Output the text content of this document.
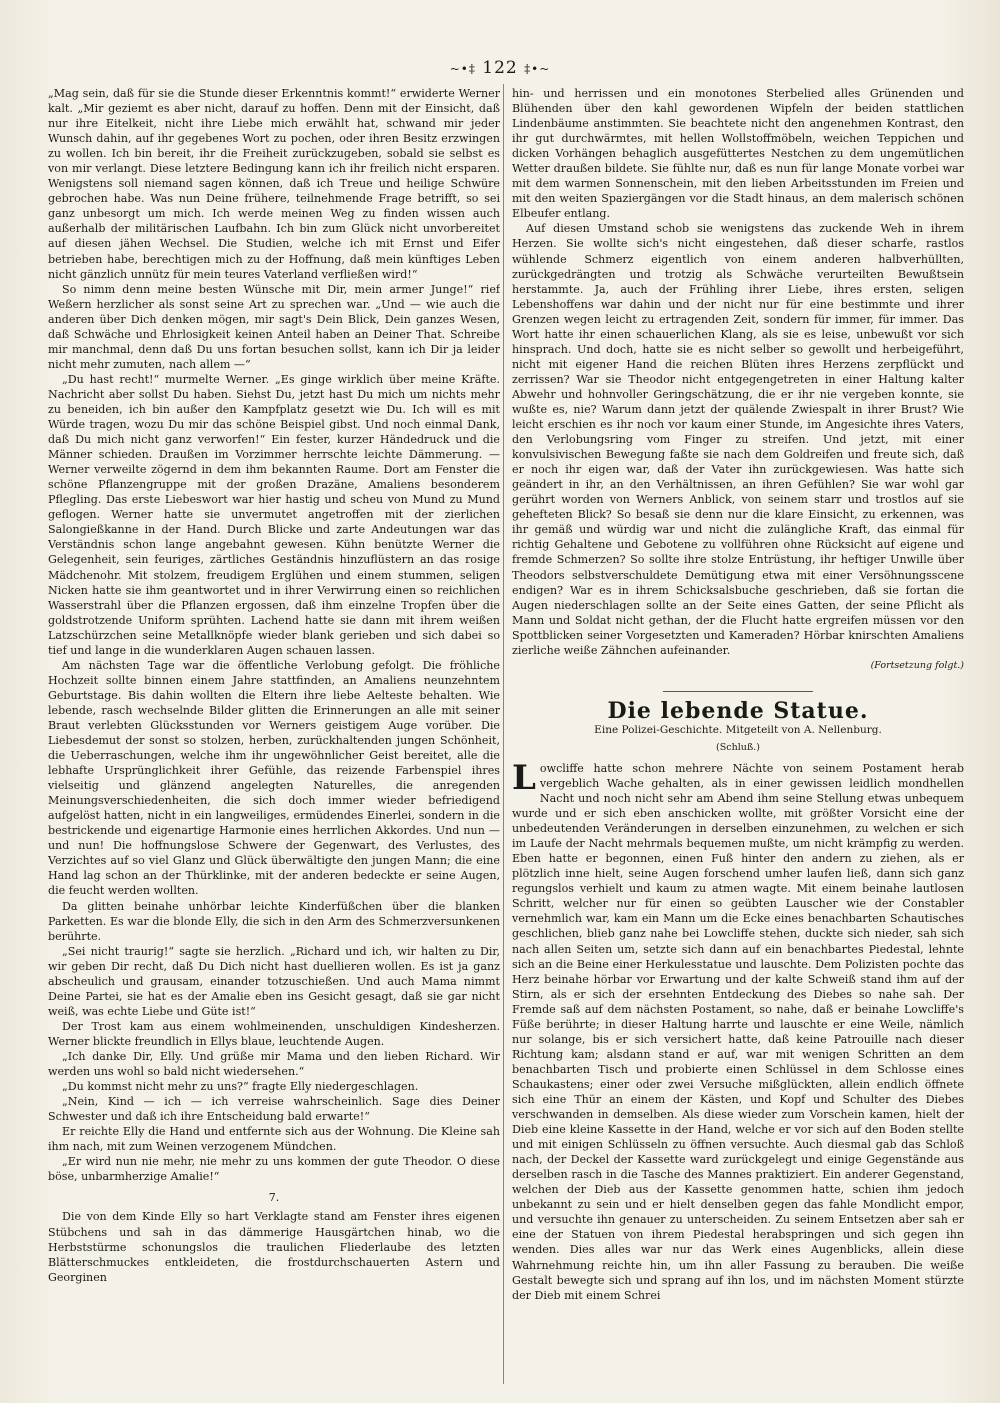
~•‡ 122 ‡•~

„Mag sein, daß für sie die Stunde dieser Erkenntnis kommt!“ erwiderte Werner kalt. „Mir geziemt es aber nicht, darauf zu hoffen. Denn mit der Einsicht, daß nur ihre Eitelkeit, nicht ihre Liebe mich erwählt hat, schwand mir jeder Wunsch dahin, auf ihr gegebenes Wort zu pochen, oder ihren Besitz erzwingen zu wollen. Ich bin bereit, ihr die Freiheit zurückzugeben, sobald sie selbst es von mir verlangt. Diese letztere Bedingung kann ich ihr freilich nicht ersparen. Wenigstens soll niemand sagen können, daß ich Treue und heilige Schwüre gebrochen habe. Was nun Deine frühere, teilnehmende Frage betrifft, so sei ganz unbesorgt um mich. Ich werde meinen Weg zu finden wissen auch außerhalb der militärischen Laufbahn. Ich bin zum Glück nicht unvorbereitet auf diesen jähen Wechsel. Die Studien, welche ich mit Ernst und Eifer betrieben habe, berechtigen mich zu der Hoffnung, daß mein künftiges Leben nicht gänzlich unnütz für mein teures Vaterland verfließen wird!“

So nimm denn meine besten Wünsche mit Dir, mein armer Junge!“ rief Weßern herzlicher als sonst seine Art zu sprechen war. „Und — wie auch die anderen über Dich denken mögen, mir sagt's Dein Blick, Dein ganzes Wesen, daß Schwäche und Ehrlosigkeit keinen Anteil haben an Deiner That. Schreibe mir manchmal, denn daß Du uns fortan besuchen sollst, kann ich Dir ja leider nicht mehr zumuten, nach allem —“

„Du hast recht!“ murmelte Werner. „Es ginge wirklich über meine Kräfte. Nachricht aber sollst Du haben. Siehst Du, jetzt hast Du mich um nichts mehr zu beneiden, ich bin außer den Kampfplatz gesetzt wie Du. Ich will es mit Würde tragen, wozu Du mir das schöne Beispiel gibst. Und noch einmal Dank, daß Du mich nicht ganz verworfen!“ Ein fester, kurzer Händedruck und die Männer schieden. Draußen im Vorzimmer herrschte leichte Dämmerung. — Werner verweilte zögernd in dem ihm bekannten Raume. Dort am Fenster die schöne Pflanzengruppe mit der großen Drazäne, Amaliens besonderem Pflegling. Das erste Liebeswort war hier hastig und scheu von Mund zu Mund geflogen. Werner hatte sie unvermutet angetroffen mit der zierlichen Salongießkanne in der Hand. Durch Blicke und zarte Andeutungen war das Verständnis schon lange angebahnt gewesen. Kühn benützte Werner die Gelegenheit, sein feuriges, zärtliches Geständnis hinzuflüstern an das rosige Mädchenohr. Mit stolzem, freudigem Erglühen und einem stummen, seligen Nicken hatte sie ihm geantwortet und in ihrer Verwirrung einen so reichlichen Wasserstrahl über die Pflanzen ergossen, daß ihm einzelne Tropfen über die goldstrotzende Uniform sprühten. Lachend hatte sie dann mit ihrem weißen Latzschürzchen seine Metallknöpfe wieder blank gerieben und sich dabei so tief und lange in die wunderklaren Augen schauen lassen.

Am nächsten Tage war die öffentliche Verlobung gefolgt. Die fröhliche Hochzeit sollte binnen einem Jahre stattfinden, an Amaliens neunzehntem Geburtstage. Bis dahin wollten die Eltern ihre liebe Aelteste behalten. Wie lebende, rasch wechselnde Bilder glitten die Erinnerungen an alle mit seiner Braut verlebten Glücksstunden vor Werners geistigem Auge vorüber. Die Liebesdemut der sonst so stolzen, herben, zurückhaltenden jungen Schönheit, die Ueberraschungen, welche ihm ihr ungewöhnlicher Geist bereitet, alle die lebhafte Ursprünglichkeit ihrer Gefühle, das reizende Farbenspiel ihres vielseitig und glänzend angelegten Naturelles, die anregenden Meinungsverschiedenheiten, die sich doch immer wieder befriedigend aufgelöst hatten, nicht in ein langweiliges, ermüdendes Einerlei, sondern in die bestrickende und eigenartige Harmonie eines herrlichen Akkordes. Und nun — und nun! Die hoffnungslose Schwere der Gegenwart, des Verlustes, des Verzichtes auf so viel Glanz und Glück überwältigte den jungen Mann; die eine Hand lag schon an der Thürklinke, mit der anderen bedeckte er seine Augen, die feucht werden wollten.

Da glitten beinahe unhörbar leichte Kinderfüßchen über die blanken Parketten. Es war die blonde Elly, die sich in den Arm des Schmerzversunkenen berührte.

„Sei nicht traurig!“ sagte sie herzlich. „Richard und ich, wir halten zu Dir, wir geben Dir recht, daß Du Dich nicht hast duellieren wollen. Es ist ja ganz abscheulich und grausam, einander totzuschießen. Und auch Mama nimmt Deine Partei, sie hat es der Amalie eben ins Gesicht gesagt, daß sie gar nicht weiß, was echte Liebe und Güte ist!“

Der Trost kam aus einem wohlmeinenden, unschuldigen Kindesherzen. Werner blickte freundlich in Ellys blaue, leuchtende Augen.

„Ich danke Dir, Elly. Und grüße mir Mama und den lieben Richard. Wir werden uns wohl so bald nicht wiedersehen.“

„Du kommst nicht mehr zu uns?“ fragte Elly niedergeschlagen.

„Nein, Kind — ich — ich verreise wahrscheinlich. Sage dies Deiner Schwester und daß ich ihre Entscheidung bald erwarte!“

Er reichte Elly die Hand und entfernte sich aus der Wohnung. Die Kleine sah ihm nach, mit zum Weinen verzogenem Mündchen.

„Er wird nun nie mehr, nie mehr zu uns kommen der gute Theodor. O diese böse, unbarmherzige Amalie!“

7.

Die von dem Kinde Elly so hart Verklagte stand am Fenster ihres eigenen Stübchens und sah in das dämmerige Hausgärtchen hinab, wo die Herbststürme schonungslos die traulichen Fliederlaube des letzten Blätterschmuckes entkleideten, die frostdurchschauerten Astern und Georginen

hin- und herrissen und ein monotones Sterbelied alles Grünenden und Blühenden über den kahl gewordenen Wipfeln der beiden stattlichen Lindenbäume anstimmten. Sie beachtete nicht den angenehmen Kontrast, den ihr gut durchwärmtes, mit hellen Wollstoffmöbeln, weichen Teppichen und dicken Vorhängen behaglich ausgefüttertes Nestchen zu dem ungemütlichen Wetter draußen bildete. Sie fühlte nur, daß es nun für lange Monate vorbei war mit dem warmen Sonnenschein, mit den lieben Arbeitsstunden im Freien und mit den weiten Spaziergängen vor die Stadt hinaus, an dem malerisch schönen Elbeufer entlang.

Auf diesen Umstand schob sie wenigstens das zuckende Weh in ihrem Herzen. Sie wollte sich's nicht eingestehen, daß dieser scharfe, rastlos wühlende Schmerz eigentlich von einem anderen halbverhüllten, zurückgedrängten und trotzig als Schwäche verurteilten Bewußtsein herstammte. Ja, auch der Frühling ihrer Liebe, ihres ersten, seligen Lebenshoffens war dahin und der nicht nur für eine bestimmte und ihrer Grenzen wegen leicht zu ertragenden Zeit, sondern für immer, für immer. Das Wort hatte ihr einen schauerlichen Klang, als sie es leise, unbewußt vor sich hinsprach. Und doch, hatte sie es nicht selber so gewollt und herbeigeführt, nicht mit eigener Hand die reichen Blüten ihres Herzens zerpflückt und zerrissen? War sie Theodor nicht entgegengetreten in einer Haltung kalter Abwehr und hohnvoller Geringschätzung, die er ihr nie vergeben konnte, sie wußte es, nie? Warum dann jetzt der quälende Zwiespalt in ihrer Brust? Wie leicht erschien es ihr noch vor kaum einer Stunde, im Angesichte ihres Vaters, den Verlobungsring vom Finger zu streifen. Und jetzt, mit einer konvulsivischen Bewegung faßte sie nach dem Goldreifen und freute sich, daß er noch ihr eigen war, daß der Vater ihn zurückgewiesen. Was hatte sich geändert in ihr, an den Verhältnissen, an ihren Gefühlen? Sie war wohl gar gerührt worden von Werners Anblick, von seinem starr und trostlos auf sie gehefteten Blick? So besaß sie denn nur die klare Einsicht, zu erkennen, was ihr gemäß und würdig war und nicht die zulängliche Kraft, das einmal für richtig Gehaltene und Gebotene zu vollführen ohne Rücksicht auf eigene und fremde Schmerzen? So sollte ihre stolze Entrüstung, ihr heftiger Unwille über Theodors selbstverschuldete Demütigung etwa mit einer Versöhnungsscene endigen? War es in ihrem Schicksalsbuche geschrieben, daß sie fortan die Augen niederschlagen sollte an der Seite eines Gatten, der seine Pflicht als Mann und Soldat nicht gethan, der die Flucht hatte ergreifen müssen vor den Spottblicken seiner Vorgesetzten und Kameraden? Hörbar knirschten Amaliens zierliche weiße Zähnchen aufeinander.

(Fortsetzung folgt.)
Die lebende Statue.
Eine Polizei-Geschichte. Mitgeteilt von A. Nellenburg.
(Schluß.)

Lowcliffe hatte schon mehrere Nächte von seinem Postament herab vergeblich Wache gehalten, als in einer gewissen leidlich mondhellen Nacht und noch nicht sehr am Abend ihm seine Stellung etwas unbequem wurde und er sich eben anschicken wollte, mit größter Vorsicht eine der unbedeutenden Veränderungen in derselben einzunehmen, zu welchen er sich im Laufe der Nacht mehrmals bequemen mußte, um nicht krämpfig zu werden. Eben hatte er begonnen, einen Fuß hinter den andern zu ziehen, als er plötzlich inne hielt, seine Augen forschend umher laufen ließ, dann sich ganz regungslos verhielt und kaum zu atmen wagte. Mit einem beinahe lautlosen Schritt, welcher nur für einen so geübten Lauscher wie der Constabler vernehmlich war, kam ein Mann um die Ecke eines benachbarten Schautisches geschlichen, blieb ganz nahe bei Lowcliffe stehen, duckte sich nieder, sah sich nach allen Seiten um, setzte sich dann auf ein benachbartes Piedestal, lehnte sich an die Beine einer Herkulesstatue und lauschte. Dem Polizisten pochte das Herz beinahe hörbar vor Erwartung und der kalte Schweiß stand ihm auf der Stirn, als er sich der ersehnten Entdeckung des Diebes so nahe sah. Der Fremde saß auf dem nächsten Postament, so nahe, daß er beinahe Lowcliffe's Füße berührte; in dieser Haltung harrte und lauschte er eine Weile, nämlich nur solange, bis er sich versichert hatte, daß keine Patrouille nach dieser Richtung kam; alsdann stand er auf, war mit wenigen Schritten an dem benachbarten Tisch und probierte einen Schlüssel in dem Schlosse eines Schaukastens; einer oder zwei Versuche mißglückten, allein endlich öffnete sich eine Thür an einem der Kästen, und Kopf und Schulter des Diebes verschwanden in demselben. Als diese wieder zum Vorschein kamen, hielt der Dieb eine kleine Kassette in der Hand, welche er vor sich auf den Boden stellte und mit einigen Schlüsseln zu öffnen versuchte. Auch diesmal gab das Schloß nach, der Deckel der Kassette ward zurückgelegt und einige Gegenstände aus derselben rasch in die Tasche des Mannes praktiziert. Ein anderer Gegenstand, welchen der Dieb aus der Kassette genommen hatte, schien ihm jedoch unbekannt zu sein und er hielt denselben gegen das fahle Mondlicht empor, und versuchte ihn genauer zu unterscheiden. Zu seinem Entsetzen aber sah er eine der Statuen von ihrem Piedestal herabspringen und sich gegen ihn wenden. Dies alles war nur das Werk eines Augenblicks, allein diese Wahrnehmung reichte hin, um ihn aller Fassung zu berauben. Die weiße Gestalt bewegte sich und sprang auf ihn los, und im nächsten Moment stürzte der Dieb mit einem Schrei
